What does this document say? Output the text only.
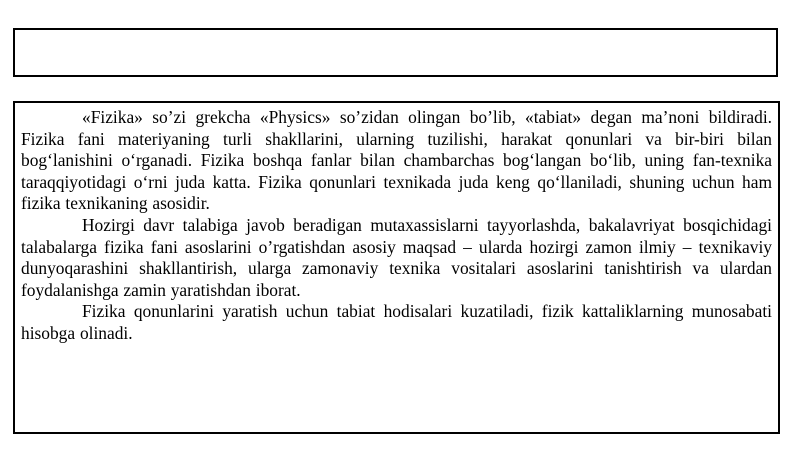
«Fizika» so’zi grekcha «Physics» so’zidan olingan bo’lib, «tabiat» degan ma’noni bildiradi. Fizika fani materiyaning turli shakllarini, ularning tuzilishi, harakat qonunlari va bir-biri bilan bog‘lanishini o‘rganadi. Fizika boshqa fanlar bilan chambarchas bog‘langan bo‘lib, uning fan-texnika taraqqiyotidagi o‘rni juda katta. Fizika qonunlari texnikada juda keng qo‘llaniladi, shuning uchun ham fizika texnikaning asosidir.

Hozirgi davr talabiga javob beradigan mutaxassislarni tayyorlashda, bakalavriyat bosqichidagi talabalarga fizika fani asoslarini o’rgatishdan asosiy maqsad – ularda hozirgi zamon ilmiy – texnikaviy dunyoqarashini shakllantirish, ularga zamonaviy texnika vositalari asoslarini tanishtirish va ulardan foydalanishga zamin yaratishdan iborat.

Fizika qonunlarini yaratish uchun tabiat hodisalari kuzatiladi, fizik kattaliklarning munosabati hisobga olinadi.
